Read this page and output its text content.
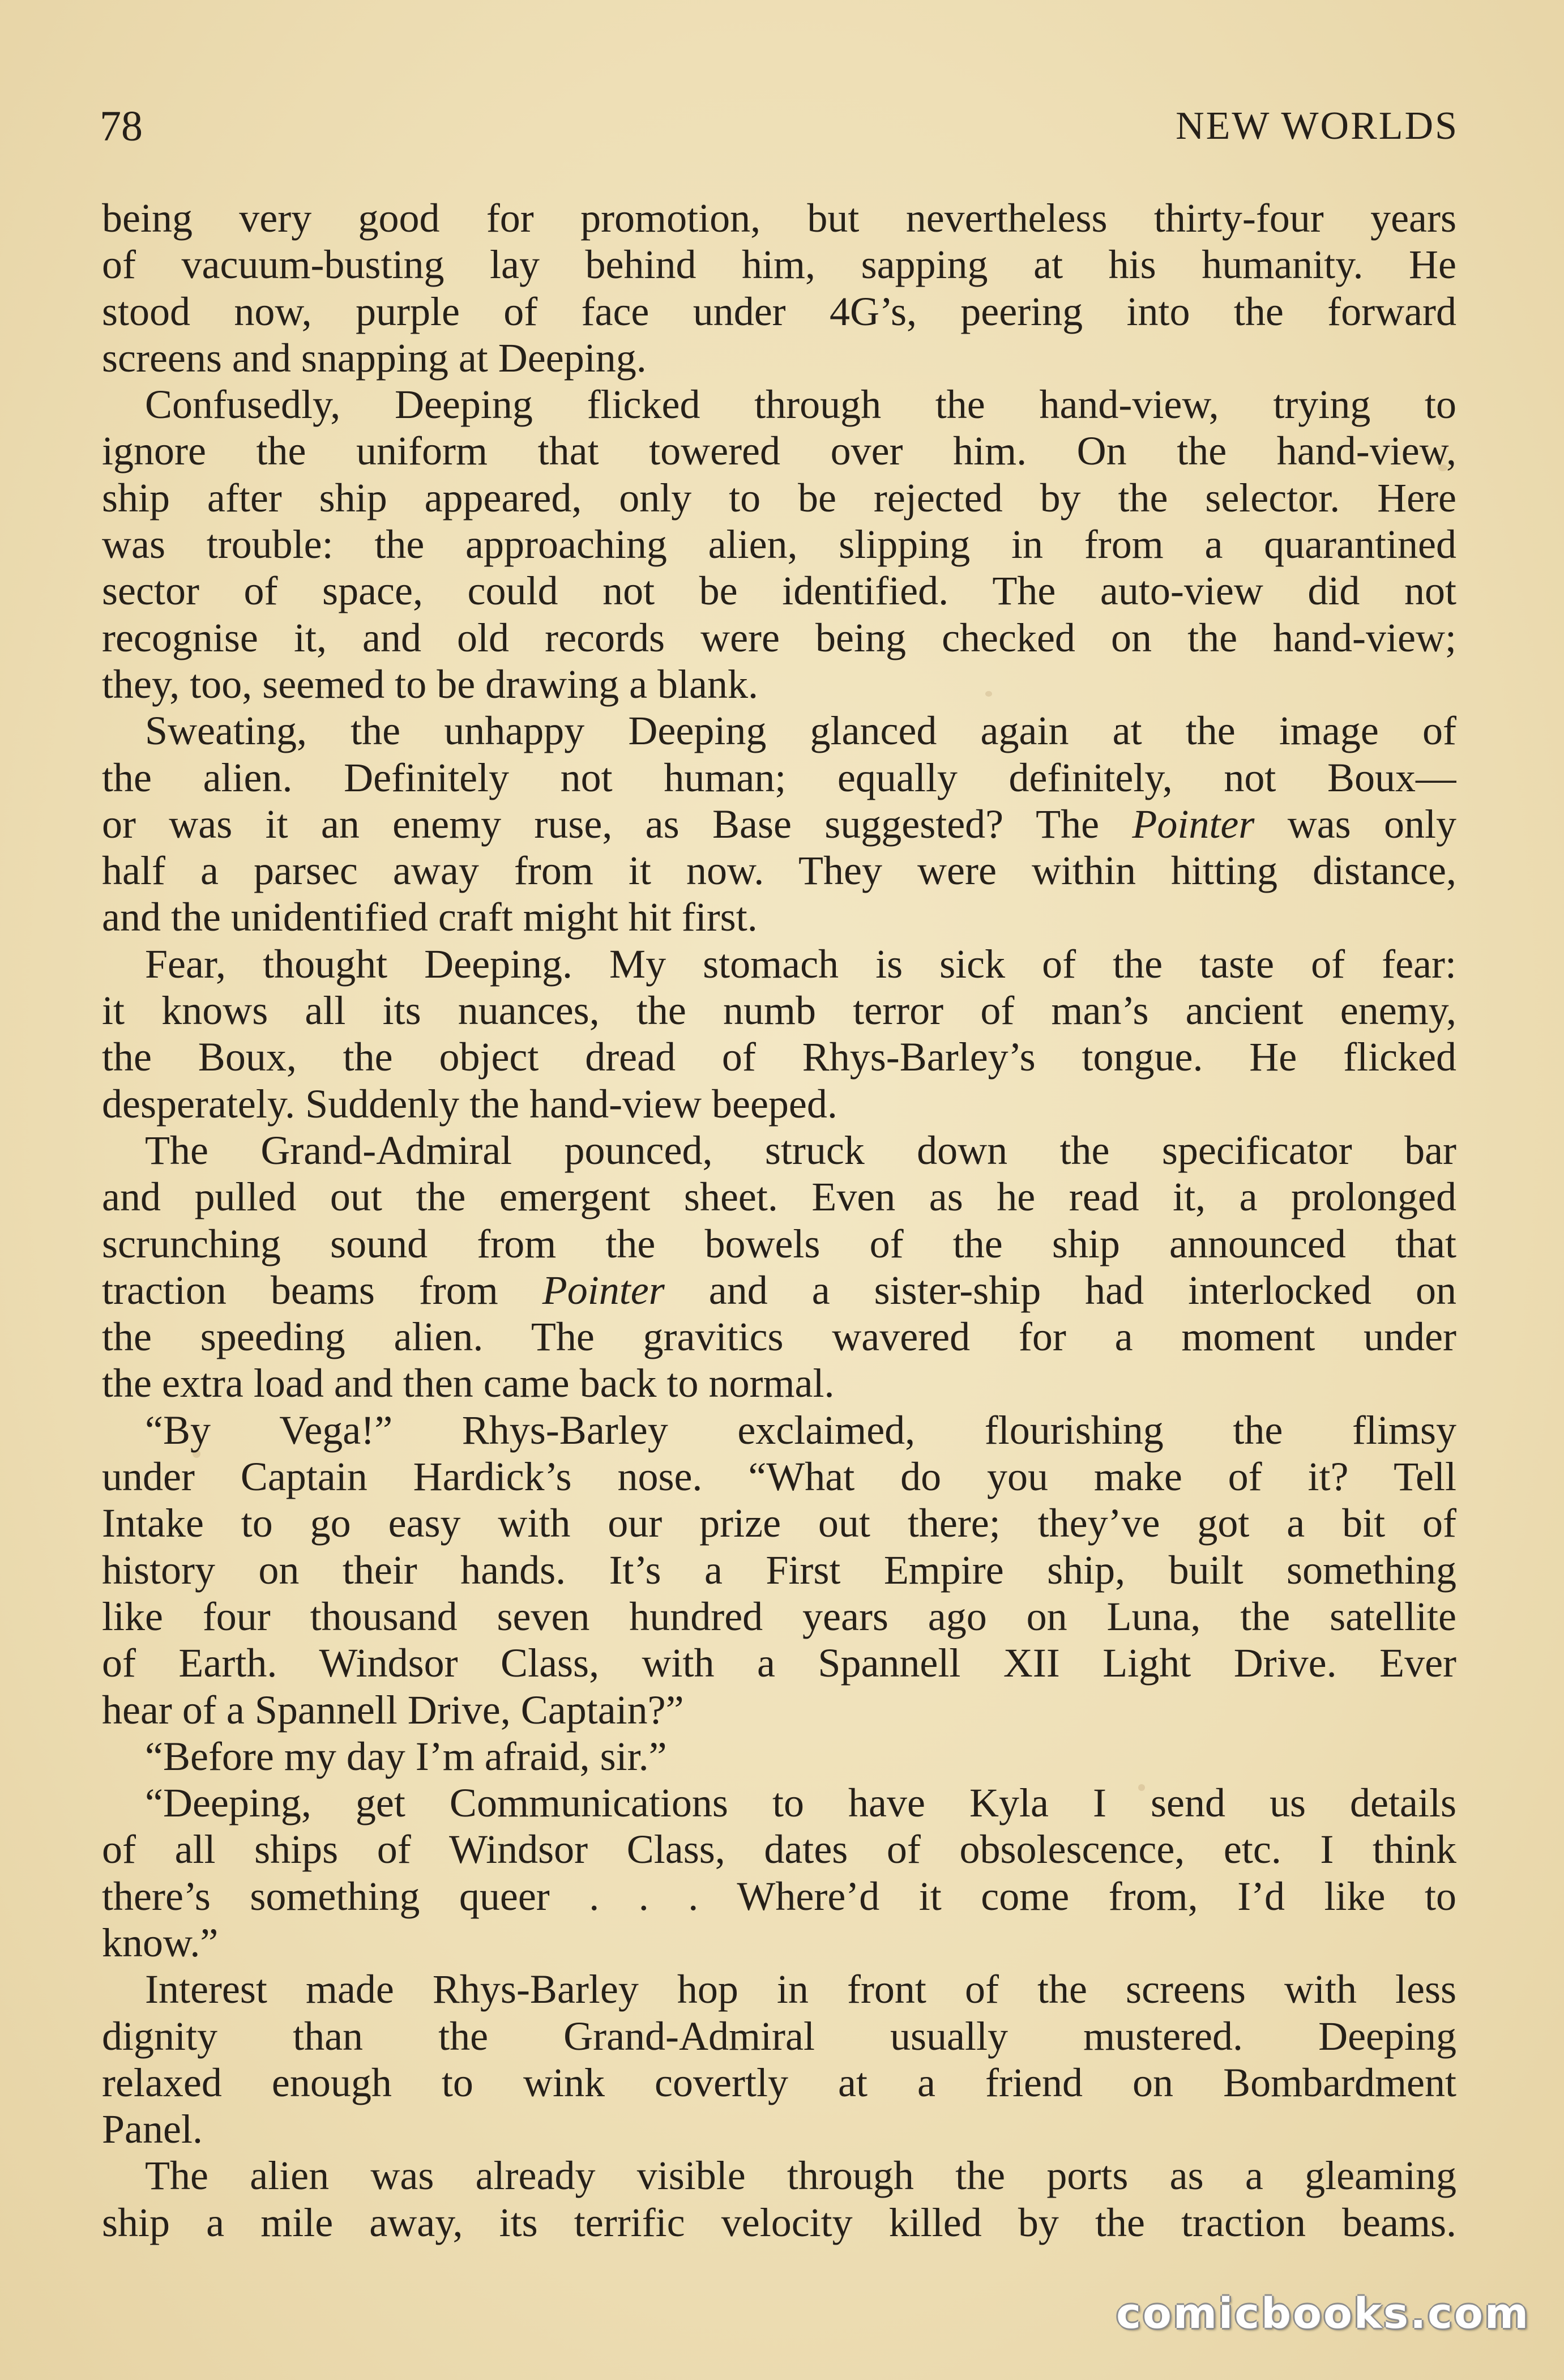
78	NEW WORLDS
being very good for promotion, but nevertheless thirty-four years
of vacuum-busting lay behind him, sapping at his humanity. He
stood now, purple of face under 4G’s, peering into the forward
screens and snapping at Deeping.
Confusedly, Deeping flicked through the hand-view, trying to
ignore the uniform that towered over him. On the hand-view,
ship after ship appeared, only to be rejected by the selector. Here
was trouble: the approaching alien, slipping in from a quarantined
sector of space, could not be identified. The auto-view did not
recognise it, and old records were being checked on the hand-view;
they, too, seemed to be drawing a blank.
Sweating, the unhappy Deeping glanced again at the image of
the alien. Definitely not human; equally definitely, not Boux—
or was it an enemy ruse, as Base suggested? The Pointer was only
half a parsec away from it now. They were within hitting distance,
and the unidentified craft might hit first.
Fear, thought Deeping. My stomach is sick of the taste of fear:
it knows all its nuances, the numb terror of man’s ancient enemy,
the Boux, the object dread of Rhys-Barley’s tongue. He flicked
desperately. Suddenly the hand-view beeped.
The Grand-Admiral pounced, struck down the specificator bar
and pulled out the emergent sheet. Even as he read it, a prolonged
scrunching sound from the bowels of the ship announced that
traction beams from Pointer and a sister-ship had interlocked on
the speeding alien. The gravitics wavered for a moment under
the extra load and then came back to normal.
“By Vega!” Rhys-Barley exclaimed, flourishing the flimsy
under Captain Hardick’s nose. “What do you make of it? Tell
Intake to go easy with our prize out there; they’ve got a bit of
history on their hands. It’s a First Empire ship, built something
like four thousand seven hundred years ago on Luna, the satellite
of Earth. Windsor Class, with a Spannell XII Light Drive. Ever
hear of a Spannell Drive, Captain?”
“Before my day I’m afraid, sir.”
“Deeping, get Communications to have Kyla I send us details
of all ships of Windsor Class, dates of obsolescence, etc. I think
there’s something queer . . . Where’d it come from, I’d like to
know.”
Interest made Rhys-Barley hop in front of the screens with less
dignity than the Grand-Admiral usually mustered. Deeping
relaxed enough to wink covertly at a friend on Bombardment
Panel.
The alien was already visible through the ports as a gleaming
ship a mile away, its terrific velocity killed by the traction beams.
comicbooks.com
